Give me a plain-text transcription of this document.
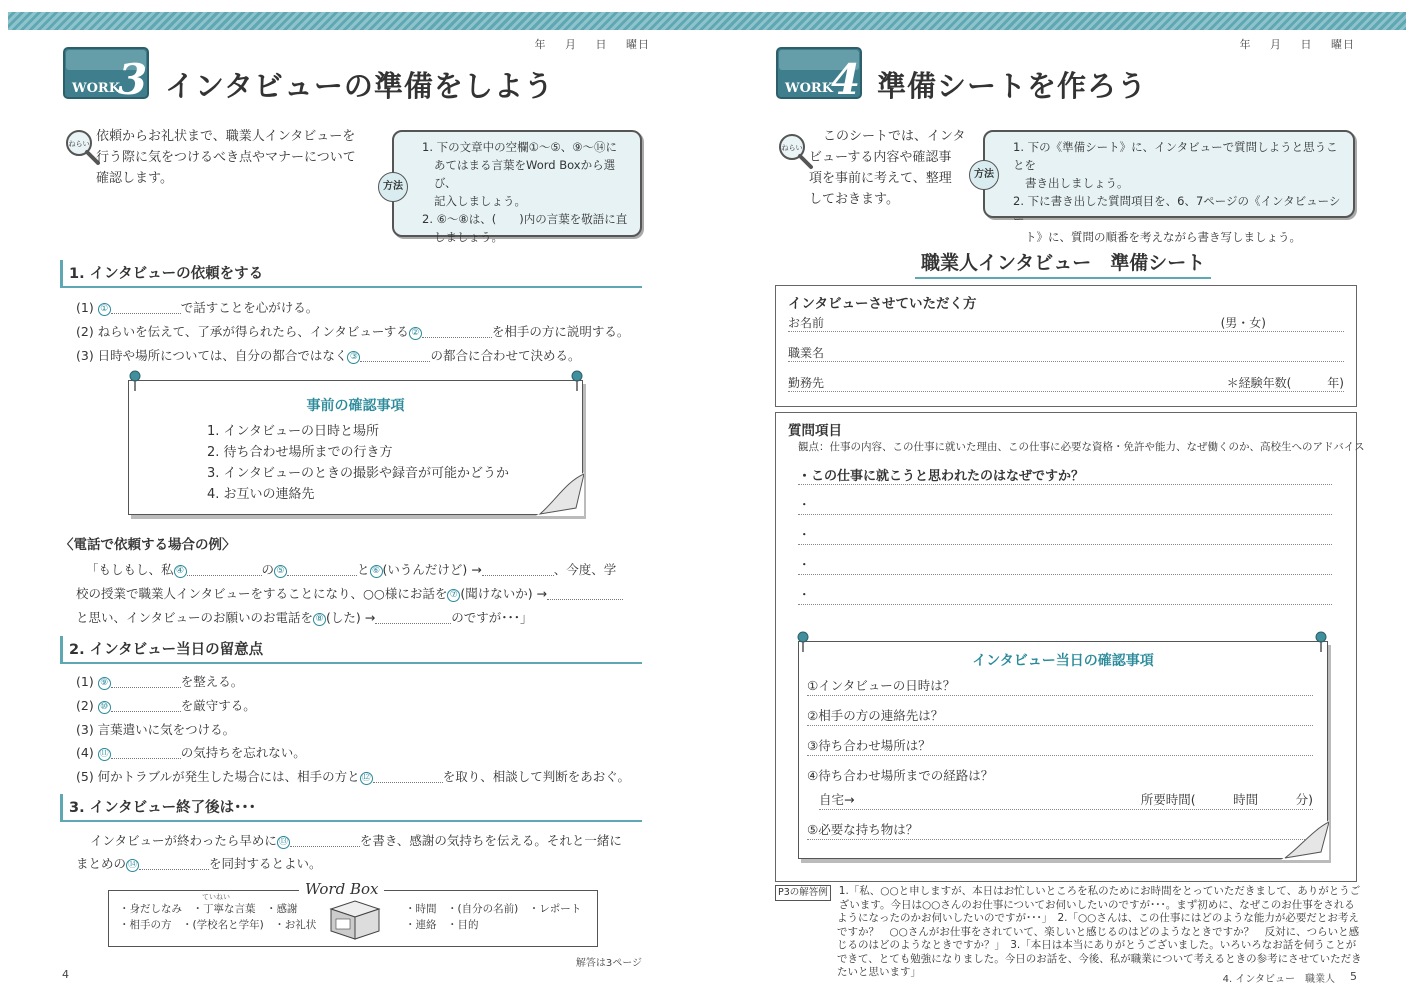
年 月 日 曜日
WORK
3 インタビューの準備をしよう
ねらい 依頼からお礼状まで、職業人インタビューを
行う際に気をつけるべき点やマナーについて
確認します。
方法
1. 下の文章中の空欄①〜⑤、⑨〜⑭に
あてはまる言葉をWord Boxから選び、
記入しましょう。
2. ⑥〜⑧は、(　　)内の言葉を敬語に直
しましょう。
1. インタビューの依頼をする
(1) ①	で話すことを心がける。
(2) ねらいを伝えて、了承が得られたら、インタビューする ②	を相手の方に説明する。
(3) 日時や場所については、自分の都合ではなく ③	の都合に合わせて決める。
事前の確認事項
1. インタビューの日時と場所
2. 待ち合わせ場所までの行き方
3. インタビューのときの撮影や録音が可能かどうか
4. お互いの連絡先
〈電話で依頼する場合の例〉
「もしもし、私 ④	の ⑤	と ⑥ (いうんだけど) →	、今度、学
校の授業で職業人インタビューをすることになり、○○様にお話を ⑦ (聞けないか) →
と思い、インタビューのお願いのお電話を ⑧ (した) →	のですが･･･」
2. インタビュー当日の留意点
(1) ⑨	を整える。
(2) ⑩	を厳守する。
(3) 言葉遣いに気をつける。
(4) ⑪	の気持ちを忘れない。
(5) 何かトラブルが発生した場合には、相手の方と ⑫	を取り、相談して判断をあおぐ。
3. インタビュー終了後は･･･
インタビューが終わったら早めに ⑬	を書き、感謝の気持ちを伝える。それと一緒に
まとめの ⑭	を同封するとよい。
Word Box
ていねい
・身だしなみ　・丁寧な言葉　・感謝
・相手の方　・(学校名と学年)　・お礼状
・時間　・(自分の名前)　・レポート
・連絡　・目的
4
解答は3ページ
年 月 日 曜日
WORK
4 準備シートを作ろう
ねらい
このシートでは、インタ
ビューする内容や確認事
項を事前に考えて、整理
しておきます。
方法
1. 下の《準備シート》に、インタビューで質問しようと思うことを
書き出しましょう。
2. 下に書き出した質問項目を、6、7ページの《インタビューシー
ト》に、質問の順番を考えながら書き写しましょう。
職業人インタビュー　準備シート
インタビューさせていただく方
お名前	(男・女)
職業名
勤務先	＊経験年数(　　　年)
質問項目
観点：仕事の内容、この仕事に就いた理由、この仕事に必要な資格・免許や能力、なぜ働くのか、高校生へのアドバイス
・この仕事に就こうと思われたのはなぜですか？
・
・
・
・
インタビュー当日の確認事項
①インタビューの日時は？
②相手の方の連絡先は？
③待ち合わせ場所は？
④待ち合わせ場所までの経路は？
自宅→	所要時間(　　　時間　　　分)
⑤必要な持ち物は？
P3の解答例 1.「私、○○と申しますが、本日はお忙しいところを私のためにお時間をとっていただきまして、ありがとうございます。今日は○○さんのお仕事についてお伺いしたいのですが･･･。まず初めに、なぜこのお仕事をされるようになったのかお伺いしたいのですが･･･」　2.「○○さんは、この仕事にはどのような能力が必要だとお考えですか？　○○さんがお仕事をされていて、楽しいと感じるのはどのようなときですか？　反対に、つらいと感じるのはどのようなときですか？」　3.「本日は本当にありがとうございました。いろいろなお話を伺うことができて、とても勉強になりました。今日のお話を、今後、私が職業について考えるときの参考にさせていただきたいと思います」
4. インタビュー　職業人 5
